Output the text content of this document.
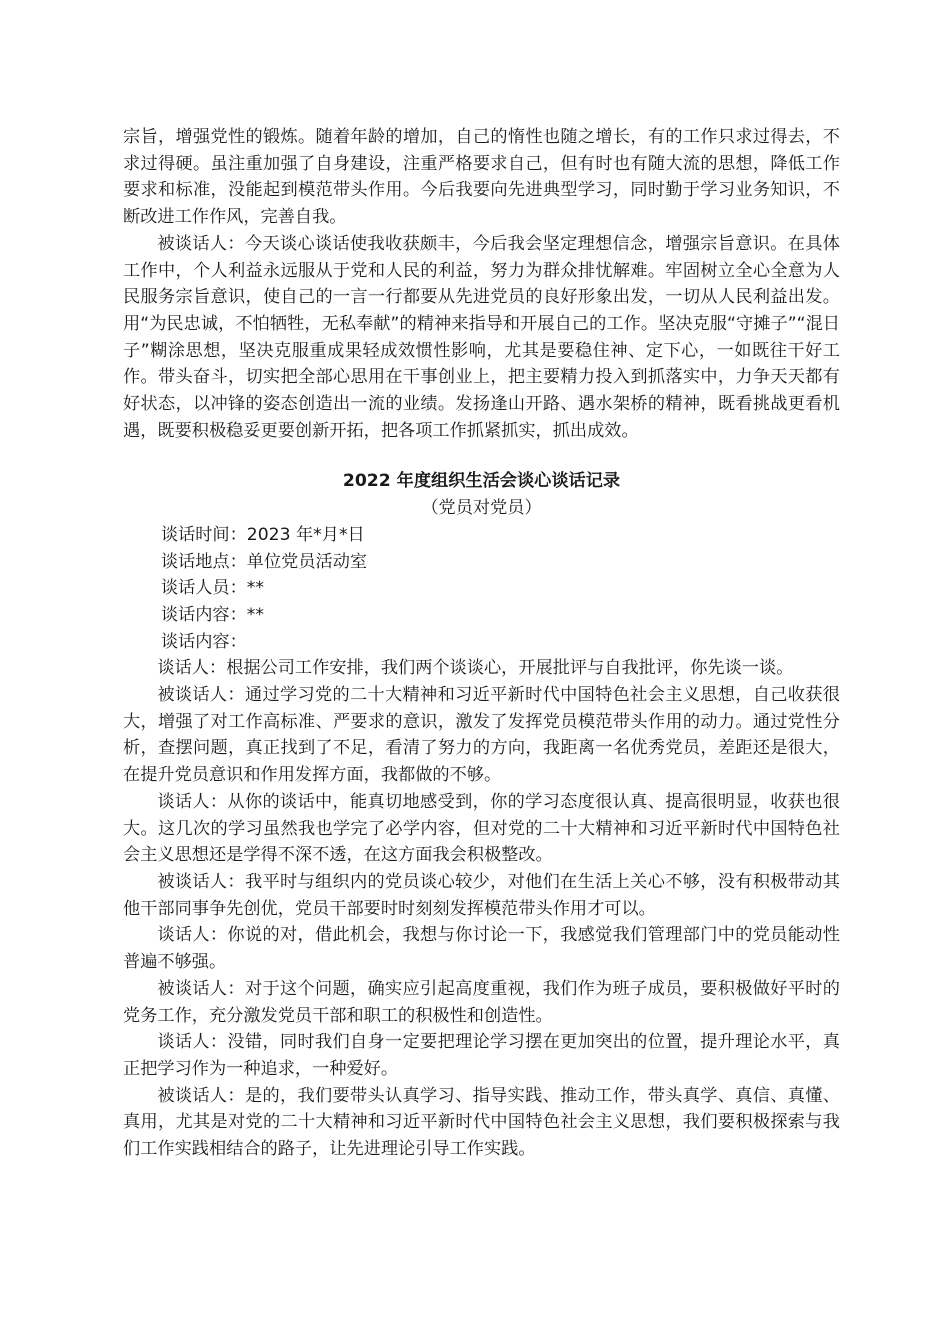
宗旨，增强党性的锻炼。随着年龄的增加，自己的惰性也随之增长，有的工作只求过得去，不求过得硬。虽注重加强了自身建设，注重严格要求自己，但有时也有随大流的思想，降低工作要求和标准，没能起到模范带头作用。今后我要向先进典型学习，同时勤于学习业务知识，不断改进工作作风，完善自我。

被谈话人：今天谈心谈话使我收获颇丰，今后我会坚定理想信念，增强宗旨意识。在具体工作中，个人利益永远服从于党和人民的利益，努力为群众排忧解难。牢固树立全心全意为人民服务宗旨意识，使自己的一言一行都要从先进党员的良好形象出发，一切从人民利益出发。用“为民忠诚，不怕牺牲，无私奉献”的精神来指导和开展自己的工作。坚决克服“守摊子”“混日子”糊涂思想，坚决克服重成果轻成效惯性影响，尤其是要稳住神、定下心，一如既往干好工作。带头奋斗，切实把全部心思用在干事创业上，把主要精力投入到抓落实中，力争天天都有好状态，以冲锋的姿态创造出一流的业绩。发扬逢山开路、遇水架桥的精神，既看挑战更看机遇，既要积极稳妥更要创新开拓，把各项工作抓紧抓实，抓出成效。

2022 年度组织生活会谈心谈话记录

（党员对党员）

谈话时间：2023 年*月*日

谈话地点：单位党员活动室

谈话人员：**

谈话内容：**

谈话内容：

谈话人：根据公司工作安排，我们两个谈谈心，开展批评与自我批评，你先谈一谈。

被谈话人：通过学习党的二十大精神和习近平新时代中国特色社会主义思想，自己收获很大，增强了对工作高标准、严要求的意识，激发了发挥党员模范带头作用的动力。通过党性分析，查摆问题，真正找到了不足，看清了努力的方向，我距离一名优秀党员，差距还是很大，在提升党员意识和作用发挥方面，我都做的不够。

谈话人：从你的谈话中，能真切地感受到，你的学习态度很认真、提高很明显，收获也很大。这几次的学习虽然我也学完了必学内容，但对党的二十大精神和习近平新时代中国特色社会主义思想还是学得不深不透，在这方面我会积极整改。

被谈话人：我平时与组织内的党员谈心较少，对他们在生活上关心不够，没有积极带动其他干部同事争先创优，党员干部要时时刻刻发挥模范带头作用才可以。

谈话人：你说的对，借此机会，我想与你讨论一下，我感觉我们管理部门中的党员能动性普遍不够强。

被谈话人：对于这个问题，确实应引起高度重视，我们作为班子成员，要积极做好平时的党务工作，充分激发党员干部和职工的积极性和创造性。

谈话人：没错，同时我们自身一定要把理论学习摆在更加突出的位置，提升理论水平，真正把学习作为一种追求，一种爱好。

被谈话人：是的，我们要带头认真学习、指导实践、推动工作，带头真学、真信、真懂、真用，尤其是对党的二十大精神和习近平新时代中国特色社会主义思想，我们要积极探索与我们工作实践相结合的路子，让先进理论引导工作实践。
